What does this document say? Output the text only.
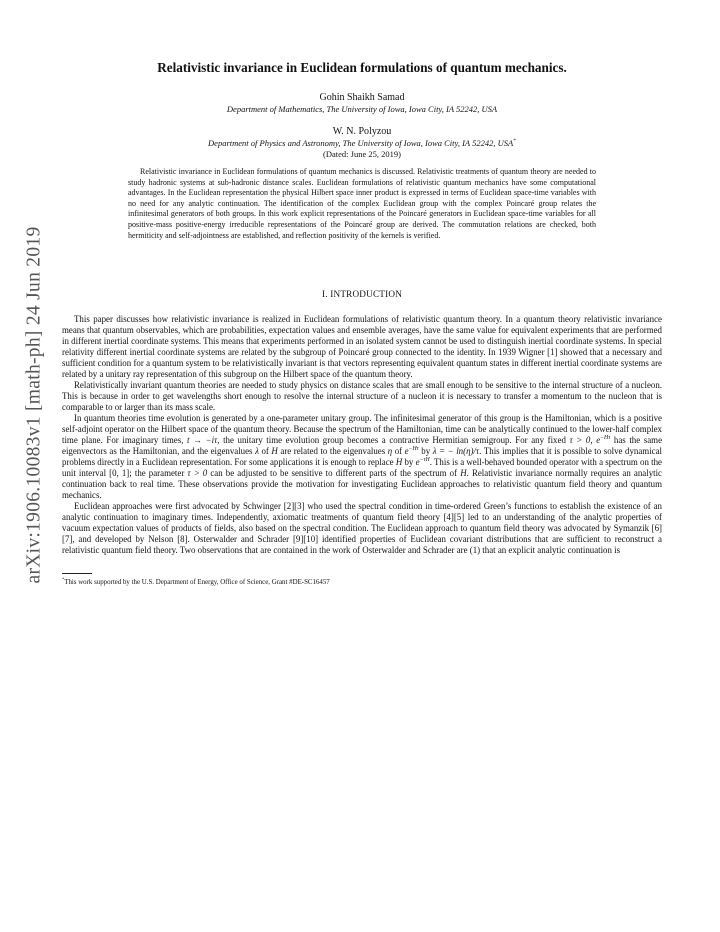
arXiv:1906.10083v1 [math-ph] 24 Jun 2019
Relativistic invariance in Euclidean formulations of quantum mechanics.
Gohin Shaikh Samad
Department of Mathematics, The University of Iowa, Iowa City, IA 52242, USA
W. N. Polyzou
Department of Physics and Astronomy, The University of Iowa, Iowa City, IA 52242, USA*
(Dated: June 25, 2019)

Relativistic invariance in Euclidean formulations of quantum mechanics is discussed. Relativistic treatments of quantum theory are needed to study hadronic systems at sub-hadronic distance scales. Euclidean formulations of relativistic quantum mechanics have some computational advantages. In the Euclidean representation the physical Hilbert space inner product is expressed in terms of Euclidean space-time variables with no need for any analytic continuation. The identification of the complex Euclidean group with the complex Poincaré group relates the infinitesimal generators of both groups. In this work explicit representations of the Poincaré generators in Euclidean space-time variables for all positive-mass positive-energy irreducible representations of the Poincaré group are derived. The commutation relations are checked, both hermiticity and self-adjointness are established, and reflection positivity of the kernels is verified.

I. INTRODUCTION

This paper discusses how relativistic invariance is realized in Euclidean formulations of relativistic quantum theory. In a quantum theory relativistic invariance means that quantum observables, which are probabilities, expectation values and ensemble averages, have the same value for equivalent experiments that are performed in different inertial coordinate systems. This means that experiments performed in an isolated system cannot be used to distinguish inertial coordinate systems. In special relativity different inertial coordinate systems are related by the subgroup of Poincaré group connected to the identity. In 1939 Wigner [1] showed that a necessary and sufficient condition for a quantum system to be relativistically invariant is that vectors representing equivalent quantum states in different inertial coordinate systems are related by a unitary ray representation of this subgroup on the Hilbert space of the quantum theory.

Relativistically invariant quantum theories are needed to study physics on distance scales that are small enough to be sensitive to the internal structure of a nucleon. This is because in order to get wavelengths short enough to resolve the internal structure of a nucleon it is necessary to transfer a momentum to the nucleon that is comparable to or larger than its mass scale.

In quantum theories time evolution is generated by a one-parameter unitary group. The infinitesimal generator of this group is the Hamiltonian, which is a positive self-adjoint operator on the Hilbert space of the quantum theory. Because the spectrum of the Hamiltonian, time can be analytically continued to the lower-half complex time plane. For imaginary times, t → −iτ, the unitary time evolution group becomes a contractive Hermitian semigroup. For any fixed τ > 0, $e^{-H\tau}$ has the same eigenvectors as the Hamiltonian, and the eigenvalues λ of H are related to the eigenvalues η of $e^{-H\tau}$ by λ = − ln(η)/τ. This implies that it is possible to solve dynamical problems directly in a Euclidean representation. For some applications it is enough to replace H by $e^{-\tau H}$. This is a well-behaved bounded operator with a spectrum on the unit interval [0, 1]; the parameter τ > 0 can be adjusted to be sensitive to different parts of the spectrum of H. Relativistic invariance normally requires an analytic continuation back to real time. These observations provide the motivation for investigating Euclidean approaches to relativistic quantum field theory and quantum mechanics.

Euclidean approaches were first advocated by Schwinger [2][3] who used the spectral condition in time-ordered Green’s functions to establish the existence of an analytic continuation to imaginary times. Independently, axiomatic treatments of quantum field theory [4][5] led to an understanding of the analytic properties of vacuum expectation values of products of fields, also based on the spectral condition. The Euclidean approach to quantum field theory was advocated by Symanzik [6][7], and developed by Nelson [8]. Osterwalder and Schrader [9][10] identified properties of Euclidean covariant distributions that are sufficient to reconstruct a relativistic quantum field theory. Two observations that are contained in the work of Osterwalder and Schrader are (1) that an explicit analytic continuation is

*This work supported by the U.S. Department of Energy, Office of Science, Grant #DE-SC16457
